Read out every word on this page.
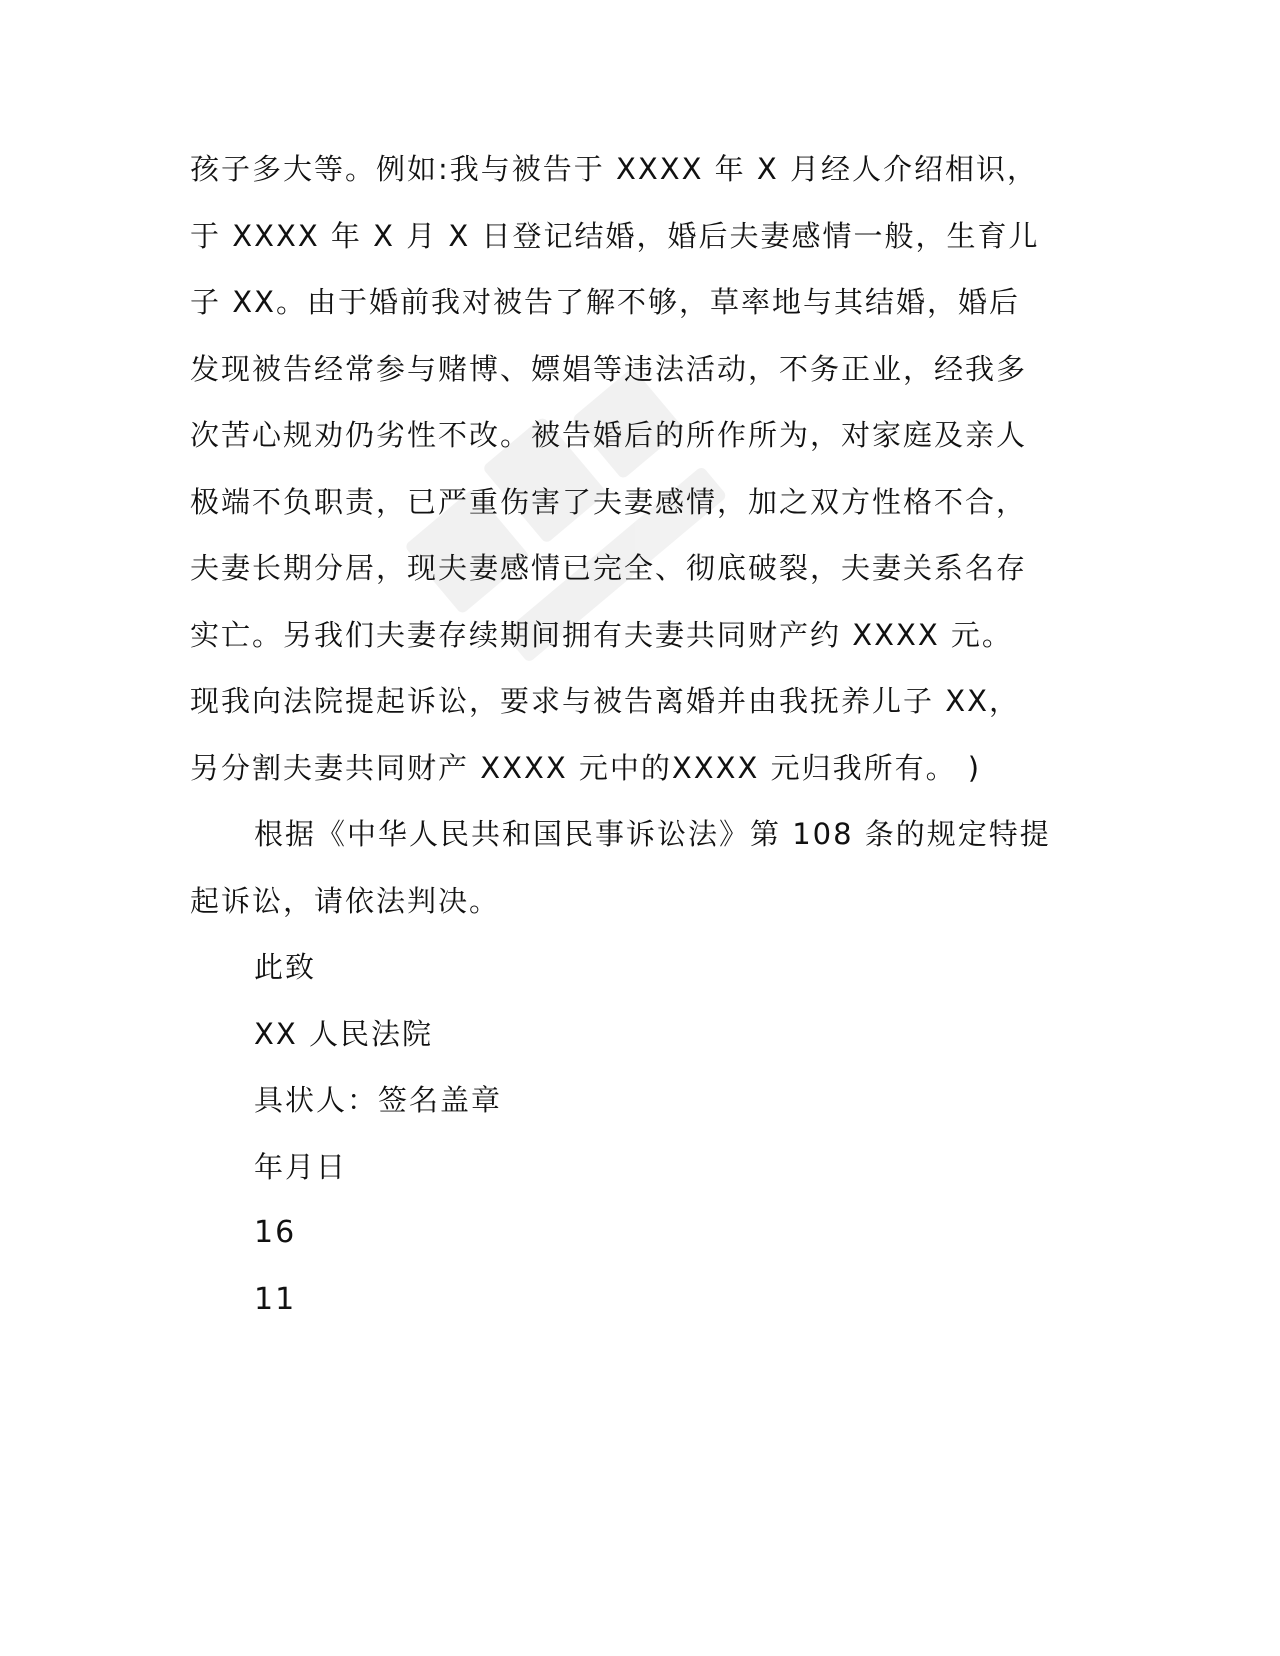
孩子多大等。例如:我与被告于 XXXX 年 X 月经人介绍相识，
于 XXXX 年 X 月 X 日登记结婚，婚后夫妻感情一般，生育儿
子 XX。由于婚前我对被告了解不够，草率地与其结婚，婚后
发现被告经常参与赌博、嫖娼等违法活动，不务正业，经我多
次苦心规劝仍劣性不改。被告婚后的所作所为，对家庭及亲人
极端不负职责，已严重伤害了夫妻感情，加之双方性格不合，
夫妻长期分居，现夫妻感情已完全、彻底破裂，夫妻关系名存
实亡。另我们夫妻存续期间拥有夫妻共同财产约 XXXX 元。
现我向法院提起诉讼，要求与被告离婚并由我抚养儿子 XX，
另分割夫妻共同财产 XXXX 元中的XXXX 元归我所有。 )
根据《中华人民共和国民事诉讼法》第 108 条的规定特提
起诉讼，请依法判决。
此致
XX 人民法院
具状人：签名盖章
年月日
16
11
